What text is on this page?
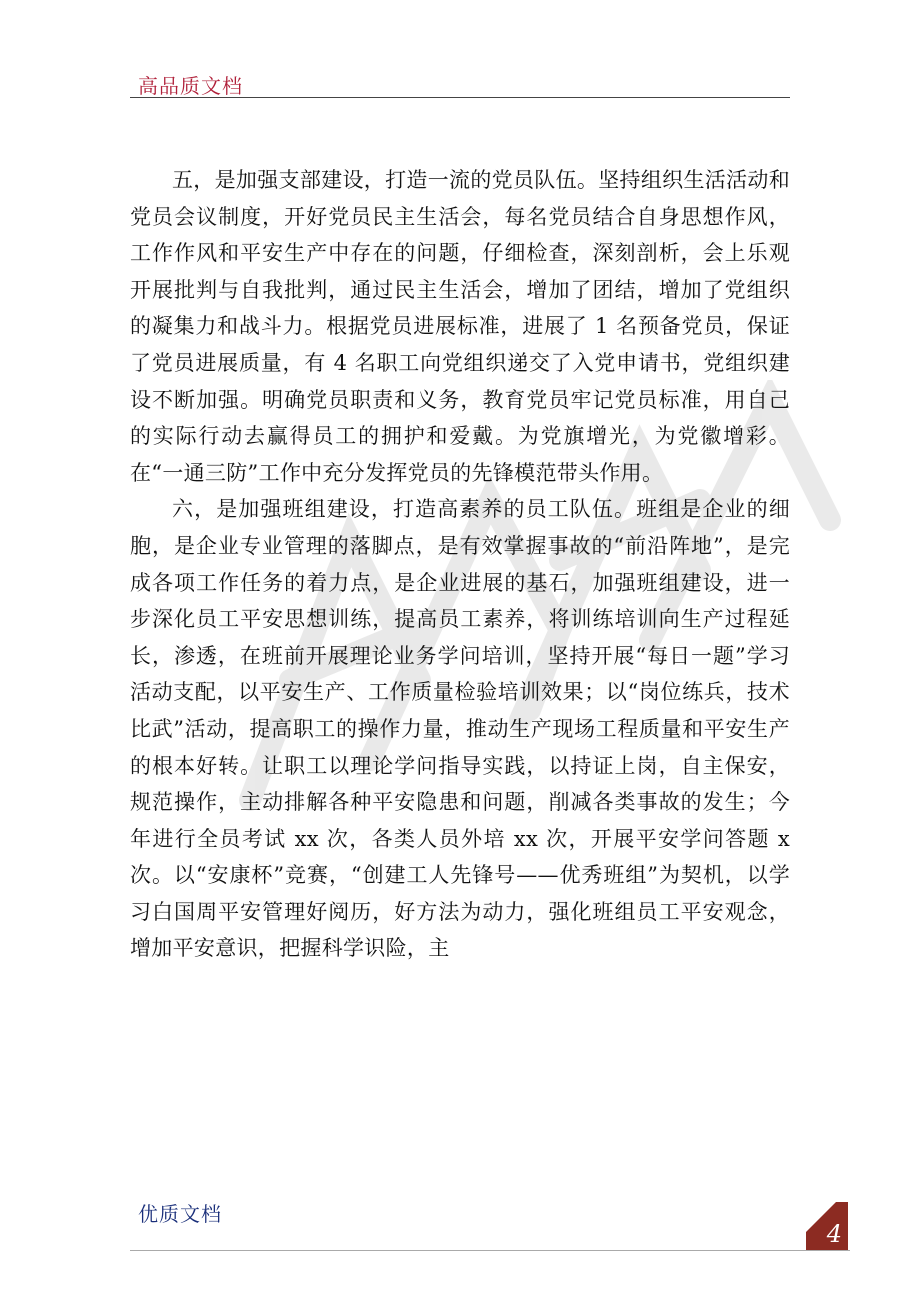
高品质文档

五，是加强支部建设，打造一流的党员队伍。坚持组织生活活动和党员会议制度，开好党员民主生活会，每名党员结合自身思想作风，工作作风和平安生产中存在的问题，仔细检查，深刻剖析，会上乐观开展批判与自我批判，通过民主生活会，增加了团结，增加了党组织的凝集力和战斗力。根据党员进展标准，进展了 1 名预备党员，保证了党员进展质量，有 4 名职工向党组织递交了入党申请书，党组织建设不断加强。明确党员职责和义务，教育党员牢记党员标准，用自己的实际行动去赢得员工的拥护和爱戴。为党旗增光，为党徽增彩。在“一通三防”工作中充分发挥党员的先锋模范带头作用。

六，是加强班组建设，打造高素养的员工队伍。班组是企业的细胞，是企业专业管理的落脚点，是有效掌握事故的“前沿阵地”，是完成各项工作任务的着力点，是企业进展的基石，加强班组建设，进一步深化员工平安思想训练，提高员工素养，将训练培训向生产过程延长，渗透，在班前开展理论业务学问培训，坚持开展“每日一题”学习活动支配，以平安生产、工作质量检验培训效果；以“岗位练兵，技术比武”活动，提高职工的操作力量，推动生产现场工程质量和平安生产的根本好转。让职工以理论学问指导实践，以持证上岗，自主保安，规范操作，主动排解各种平安隐患和问题，削减各类事故的发生；今年进行全员考试 xx 次，各类人员外培 xx 次，开展平安学问答题 x 次。以“安康杯”竞赛，“创建工人先锋号——优秀班组”为契机，以学习白国周平安管理好阅历，好方法为动力，强化班组员工平安观念，增加平安意识，把握科学识险，主

优质文档
4
